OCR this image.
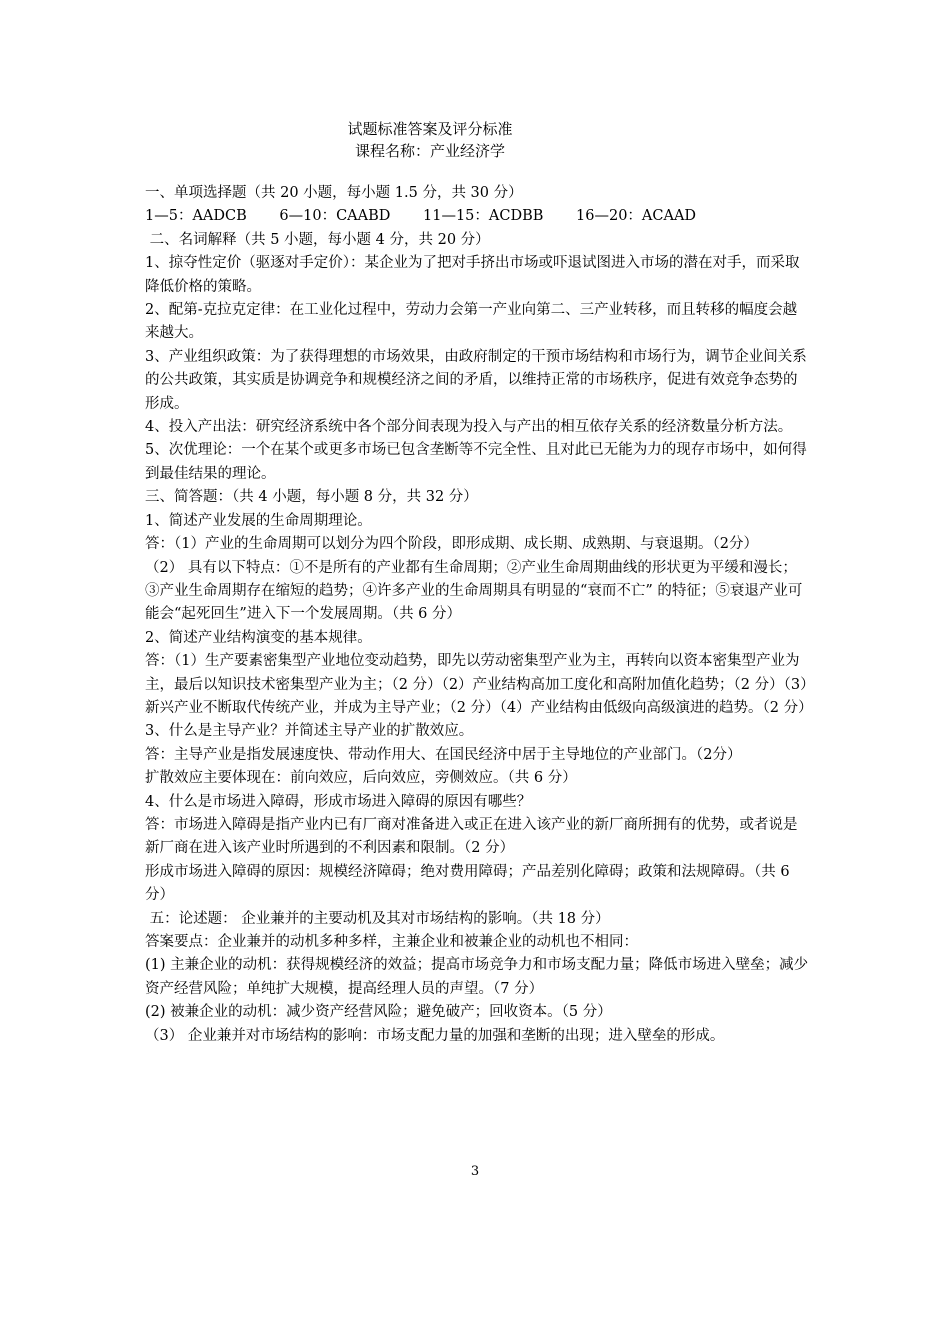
试题标准答案及评分标准
课程名称：产业经济学

一、单项选择题（共 20 小题，每小题 1.5 分，共 30 分）

1—5：AADCB 6—10：CAABD 11—15：ACDBB 16—20：ACAAD

二、名词解释（共 5 小题，每小题 4 分，共 20 分）

1、掠夺性定价（驱逐对手定价）：某企业为了把对手挤出市场或吓退试图进入市场的潜在对手，而采取降低价格的策略。

2、配第-克拉克定律：在工业化过程中，劳动力会第一产业向第二、三产业转移，而且转移的幅度会越来越大。

3、产业组织政策：为了获得理想的市场效果，由政府制定的干预市场结构和市场行为，调节企业间关系的公共政策，其实质是协调竞争和规模经济之间的矛盾，以维持正常的市场秩序，促进有效竞争态势的形成。

4、投入产出法：研究经济系统中各个部分间表现为投入与产出的相互依存关系的经济数量分析方法。

5、次优理论：一个在某个或更多市场已包含垄断等不完全性、且对此已无能为力的现存市场中，如何得到最佳结果的理论。

三、简答题：（共 4 小题，每小题 8 分，共 32 分）

1、简述产业发展的生命周期理论。

答：（1）产业的生命周期可以划分为四个阶段，即形成期、成长期、成熟期、与衰退期。（2分）

（2） 具有以下特点：①不是所有的产业都有生命周期；②产业生命周期曲线的形状更为平缓和漫长；③产业生命周期存在缩短的趋势；④许多产业的生命周期具有明显的“衰而不亡” 的特征；⑤衰退产业可能会“起死回生”进入下一个发展周期。（共 6 分）

2、简述产业结构演变的基本规律。

答：（1）生产要素密集型产业地位变动趋势，即先以劳动密集型产业为主，再转向以资本密集型产业为主，最后以知识技术密集型产业为主；（2 分）（2）产业结构高加工度化和高附加值化趋势；（2 分）（3）新兴产业不断取代传统产业，并成为主导产业；（2 分）（4）产业结构由低级向高级演进的趋势。（2 分）

3、什么是主导产业？并简述主导产业的扩散效应。

答：主导产业是指发展速度快、带动作用大、在国民经济中居于主导地位的产业部门。（2分）

扩散效应主要体现在：前向效应，后向效应，旁侧效应。（共 6 分）

4、什么是市场进入障碍，形成市场进入障碍的原因有哪些？

答：市场进入障碍是指产业内已有厂商对准备进入或正在进入该产业的新厂商所拥有的优势，或者说是新厂商在进入该产业时所遇到的不利因素和限制。（2 分）

形成市场进入障碍的原因：规模经济障碍；绝对费用障碍；产品差别化障碍；政策和法规障碍。（共 6 分）

五：论述题： 企业兼并的主要动机及其对市场结构的影响。（共 18 分）

答案要点：企业兼并的动机多种多样，主兼企业和被兼企业的动机也不相同：

(1) 主兼企业的动机：获得规模经济的效益；提高市场竞争力和市场支配力量；降低市场进入壁垒；减少资产经营风险；单纯扩大规模，提高经理人员的声望。（7 分）

(2) 被兼企业的动机：减少资产经营风险；避免破产；回收资本。（5 分）

（3） 企业兼并对市场结构的影响：市场支配力量的加强和垄断的出现；进入壁垒的形成。

3
